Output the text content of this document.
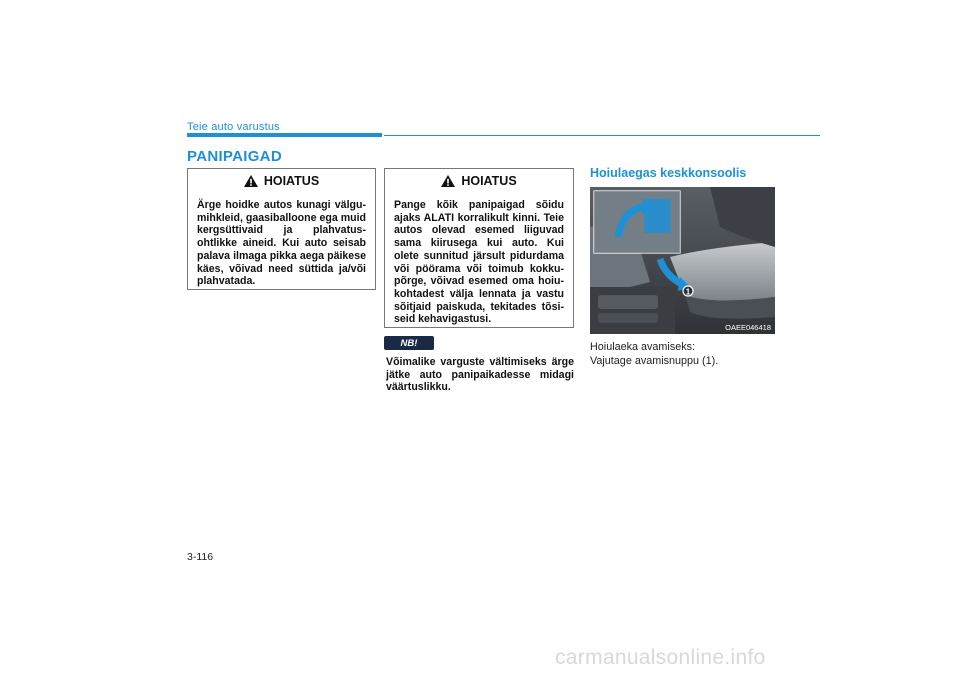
Teie auto varustus
PANIPAIGAD
HOIATUS
Ärge hoidke autos kunagi välgumihkleid, gaasiballoone ega muid kergsüttivaid ja plahvatusohtlikke aineid. Kui auto seisab palava ilmaga pikka aega päikese käes, võivad need süttida ja/või plahvatada.
HOIATUS
Pange kõik panipaigad sõidu ajaks ALATI korralikult kinni. Teie autos olevad esemed liiguvad sama kiirusega kui auto. Kui olete sunnitud järsult pidurdama või pöörama või toimub kokkupõrge, võivad esemed oma hoiukohtadest välja lennata ja vastu sõitjaid paiskuda, tekitades tõsiseid kehavigastusi.
NB!
Võimalike varguste vältimiseks ärge jätke auto panipaikadesse midagi väärtuslikku.
Hoiulaegas keskkonsoolis
1
OAEE046418
Hoiulaeka avamiseks:
Vajutage avamisnuppu (1).
3-116
carmanualsonline.info
